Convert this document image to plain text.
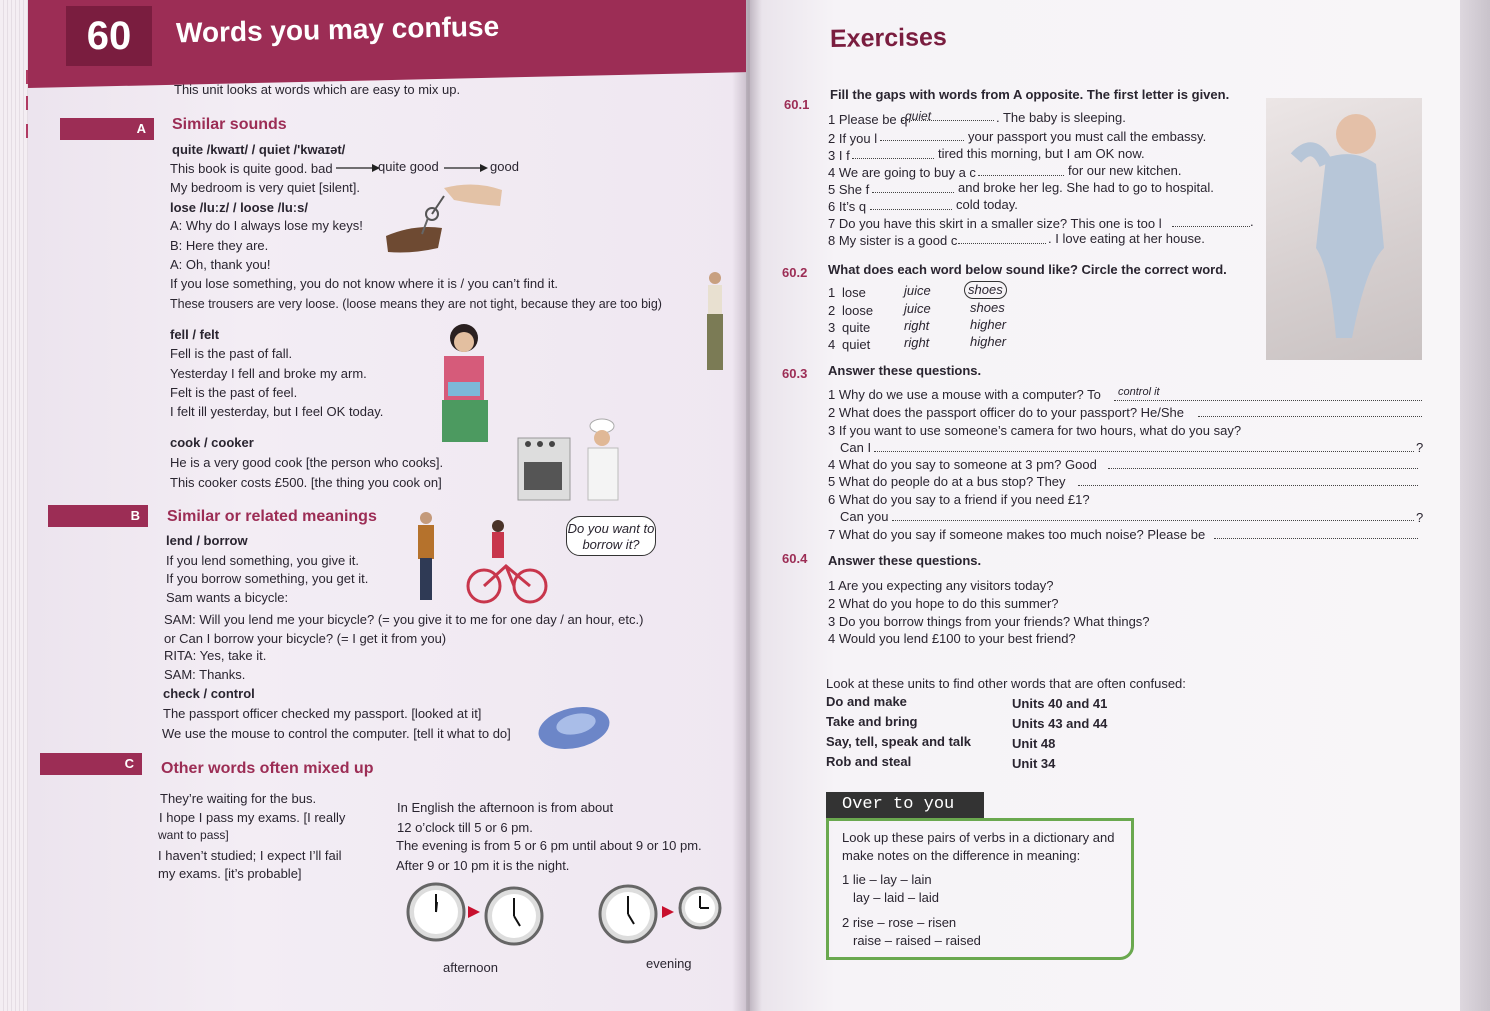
60	Words you may confuse
This unit looks at words which are easy to mix up.
A	Similar sounds
quite /kwaɪt/ / quiet /'kwaɪət/
This book is quite good. bad	quite good	good
My bedroom is very quiet [silent].
lose /luːz/ / loose /luːs/
A: Why do I always lose my keys!
B: Here they are.
A: Oh, thank you!
If you lose something, you do not know where it is / you can’t find it.
These trousers are very loose. (loose means they are not tight, because they are too big)
fell / felt
Fell is the past of fall.
Yesterday I fell and broke my arm.
Felt is the past of feel.
I felt ill yesterday, but I feel OK today.
cook / cooker
He is a very good cook [the person who cooks].
This cooker costs £500. [the thing you cook on]
B	Similar or related meanings
lend / borrow
If you lend something, you give it.
If you borrow something, you get it.
Sam wants a bicycle:
SAM: Will you lend me your bicycle? (= you give it to me for one day / an hour, etc.)
or Can I borrow your bicycle? (= I get it from you)
RITA: Yes, take it.
SAM: Thanks.
check / control
The passport officer checked my passport. [looked at it]
We use the mouse to control the computer. [tell it what to do]
Do you want to borrow it?
C	Other words often mixed up
They’re waiting for the bus.
I hope I pass my exams. [I really
want to pass]
I haven’t studied; I expect I’ll fail
my exams. [it’s probable]
In English the afternoon is from about
12 o’clock till 5 or 6 pm.
The evening is from 5 or 6 pm until about 9 or 10 pm.
After 9 or 10 pm it is the night.
afternoon	evening
Exercises
60.1
Fill the gaps with words from A opposite. The first letter is given.
1 Please be q
quiet	. The baby is sleeping.
2 If you l	your passport you must call the embassy.
3 I f	tired this morning, but I am OK now.
4 We are going to buy a c	for our new kitchen.
5 She f	and broke her leg. She had to go to hospital.
6 It’s q	cold today.
7 Do you have this skirt in a smaller size? This one is too l	.
8 My sister is a good c	. I love eating at her house.
60.2 What does each word below sound like? Circle the correct word.
1 lose	juice	shoes
2 loose juice	shoes
3 quite	right	higher
4 quiet	right	higher
60.3 Answer these questions.
1 Why do we use a mouse with a computer? To control it
2 What does the passport officer do to your passport? He/She
3 If you want to use someone’s camera for two hours, what do you say?
Can I	?
4 What do you say to someone at 3 pm? Good
5 What do people do at a bus stop? They
6 What do you say to a friend if you need £1?
Can you	?
7 What do you say if someone makes too much noise? Please be
60.4 Answer these questions.
1 Are you expecting any visitors today?
2 What do you hope to do this summer?
3 Do you borrow things from your friends? What things?
4 Would you lend £100 to your best friend?
Look at these units to find other words that are often confused:
Do and make	Units 40 and 41
Take and bring	Units 43 and 44
Say, tell, speak and talk	Unit 48
Rob and steal	Unit 34
Over to you
Look up these pairs of verbs in a dictionary and
make notes on the difference in meaning:
1 lie – lay – lain
lay – laid – laid
2 rise – rose – risen
raise – raised – raised
